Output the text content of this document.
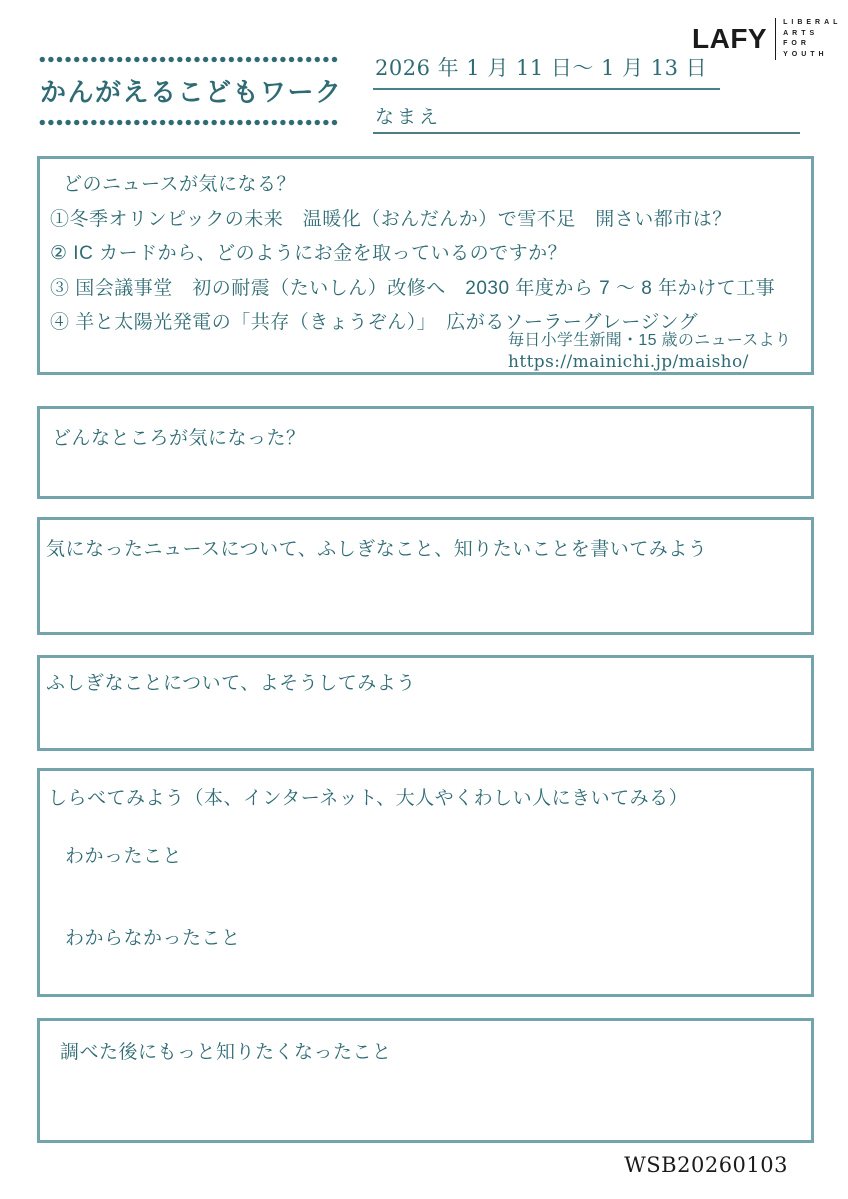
かんがえるこどもワーク
2026 年 1 月 11 日～ 1 月 13 日
なまえ
LAFY
LIBERAL
ARTS
FOR
YOUTH
どのニュースが気になる？
①冬季オリンピックの未来　温暖化（おんだんか）で雪不足　開さい都市は？
② IC カードから、どのようにお金を取っているのですか？
③ 国会議事堂　初の耐震（たいしん）改修へ　2030 年度から 7 ～ 8 年かけて工事
④ 羊と太陽光発電の「共存（きょうぞん）」　広がるソーラーグレージング
毎日小学生新聞・15 歳のニュースより
https://mainichi.jp/maisho/
どんなところが気になった？
気になったニュースについて、ふしぎなこと、知りたいことを書いてみよう
ふしぎなことについて、よそうしてみよう
しらべてみよう（本、インターネット、大人やくわしい人にきいてみる）
わかったこと
わからなかったこと
調べた後にもっと知りたくなったこと
WSB20260103
